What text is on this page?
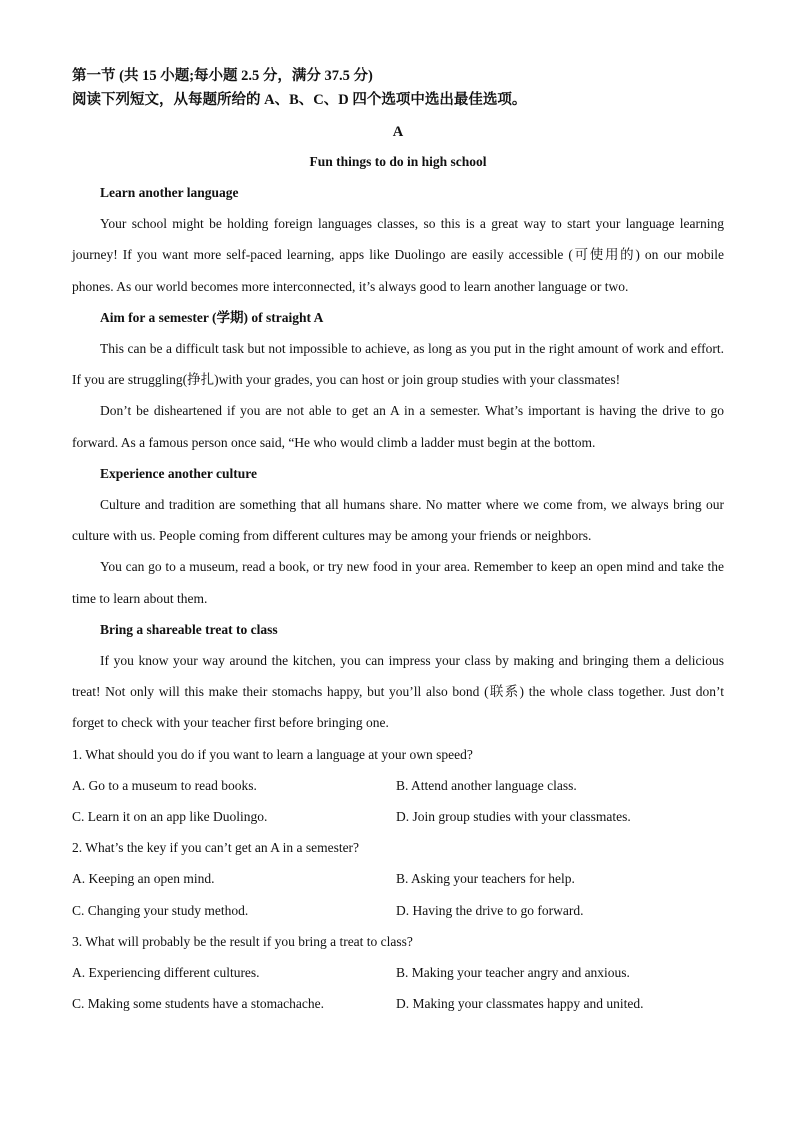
第一节 (共 15 小题;每小题 2.5 分，满分 37.5 分)
阅读下列短文，从每题所给的 A、B、C、D 四个选项中选出最佳选项。
A
Fun things to do in high school
Learn another language

Your school might be holding foreign languages classes, so this is a great way to start your language learning journey! If you want more self-paced learning, apps like Duolingo are easily accessible (可使用的) on our mobile phones. As our world becomes more interconnected, it’s always good to learn another language or two.

Aim for a semester (学期) of straight A

This can be a difficult task but not impossible to achieve, as long as you put in the right amount of work and effort. If you are struggling(挣扎)with your grades, you can host or join group studies with your classmates!

Don’t be disheartened if you are not able to get an A in a semester. What’s important is having the drive to go forward. As a famous person once said, “He who would climb a ladder must begin at the bottom.

Experience another culture

Culture and tradition are something that all humans share. No matter where we come from, we always bring our culture with us. People coming from different cultures may be among your friends or neighbors.

You can go to a museum, read a book, or try new food in your area. Remember to keep an open mind and take the time to learn about them.

Bring a shareable treat to class

If you know your way around the kitchen, you can impress your class by making and bringing them a delicious treat! Not only will this make their stomachs happy, but you’ll also bond (联系) the whole class together. Just don’t forget to check with your teacher first before bringing one.

1. What should you do if you want to learn a language at your own speed?
A. Go to a museum to read books.	B. Attend another language class.
C. Learn it on an app like Duolingo.	D. Join group studies with your classmates.
2. What’s the key if you can’t get an A in a semester?
A. Keeping an open mind.	B. Asking your teachers for help.
C. Changing your study method.	D. Having the drive to go forward.
3. What will probably be the result if you bring a treat to class?
A. Experiencing different cultures.	B. Making your teacher angry and anxious.
C. Making some students have a stomachache.	D. Making your classmates happy and united.
